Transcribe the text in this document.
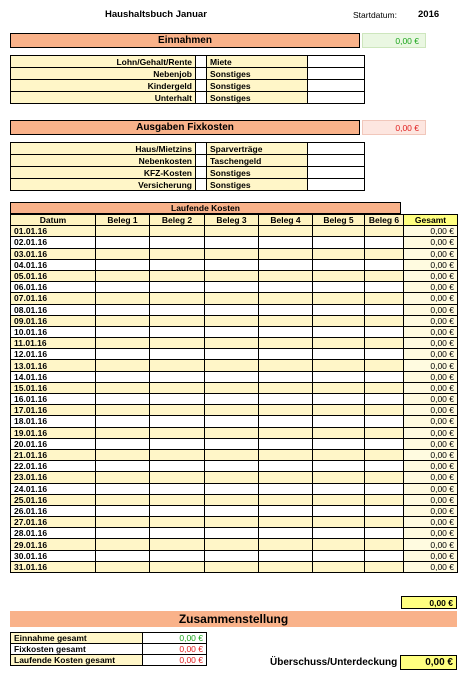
Haushaltsbuch Januar	Startdatum: 2016
Einnahmen	0,00 €
Lohn/Gehalt/Rente		Miete	
Nebenjob		Sonstiges	
Kindergeld		Sonstiges	
Unterhalt		Sonstiges	
Ausgaben Fixkosten	0,00 €
Haus/Mietzins		Sparverträge	
Nebenkosten		Taschengeld	
KFZ-Kosten		Sonstiges	
Versicherung		Sonstiges	
Laufende Kosten
Datum	Beleg 1	Beleg 2	Beleg 3	Beleg 4	Beleg 5	Beleg 6	Gesamt
01.01.16							0,00 €
02.01.16							0,00 €
03.01.16							0,00 €
04.01.16							0,00 €
05.01.16							0,00 €
06.01.16							0,00 €
07.01.16							0,00 €
08.01.16							0,00 €
09.01.16							0,00 €
10.01.16							0,00 €
11.01.16							0,00 €
12.01.16							0,00 €
13.01.16							0,00 €
14.01.16							0,00 €
15.01.16							0,00 €
16.01.16							0,00 €
17.01.16							0,00 €
18.01.16							0,00 €
19.01.16							0,00 €
20.01.16							0,00 €
21.01.16							0,00 €
22.01.16							0,00 €
23.01.16							0,00 €
24.01.16							0,00 €
25.01.16							0,00 €
26.01.16							0,00 €
27.01.16							0,00 €
28.01.16							0,00 €
29.01.16							0,00 €
30.01.16							0,00 €
31.01.16							0,00 €
0,00 €
Zusammenstellung
Einnahme gesamt	0,00 €
Fixkosten gesamt	0,00 €
Laufende Kosten gesamt	0,00 €	Überschuss/Unterdeckung	0,00 €
